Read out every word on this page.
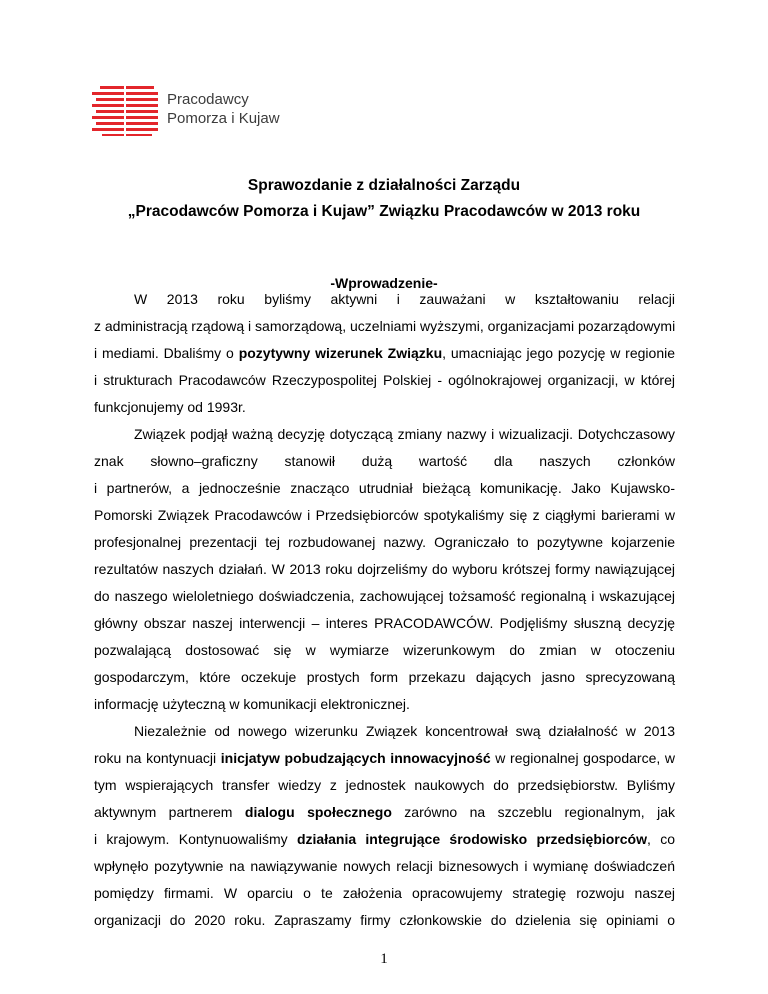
Pracodawcy
Pomorza i Kujaw
Sprawozdanie z działalności Zarządu
„Pracodawców Pomorza i Kujaw” Związku Pracodawców w 2013 roku
-Wprowadzenie-
W 2013 roku byliśmy aktywni i zauważani w kształtowaniu relacji
z administracją rządową i samorządową, uczelniami wyższymi, organizacjami pozarządowymi
i mediami. Dbaliśmy o pozytywny wizerunek Związku, umacniając jego pozycję w regionie
i strukturach Pracodawców Rzeczypospolitej Polskiej - ogólnokrajowej organizacji, w której
funkcjonujemy od 1993r.
Związek podjął ważną decyzję dotyczącą zmiany nazwy i wizualizacji. Dotychczasowy
znak słowno–graficzny stanowił dużą wartość dla naszych członków
i partnerów, a jednocześnie znacząco utrudniał bieżącą komunikację. Jako Kujawsko-
Pomorski Związek Pracodawców i Przedsiębiorców spotykaliśmy się z ciągłymi barierami w
profesjonalnej prezentacji tej rozbudowanej nazwy. Ograniczało to pozytywne kojarzenie
rezultatów naszych działań. W 2013 roku dojrzeliśmy do wyboru krótszej formy nawiązującej
do naszego wieloletniego doświadczenia, zachowującej tożsamość regionalną i wskazującej
główny obszar naszej interwencji – interes PRACODAWCÓW. Podjęliśmy słuszną decyzję
pozwalającą dostosować się w wymiarze wizerunkowym do zmian w otoczeniu
gospodarczym, które oczekuje prostych form przekazu dających jasno sprecyzowaną
informację użyteczną w komunikacji elektronicznej.
Niezależnie od nowego wizerunku Związek koncentrował swą działalność w 2013
roku na kontynuacji inicjatyw pobudzających innowacyjność w regionalnej gospodarce, w
tym wspierających transfer wiedzy z jednostek naukowych do przedsiębiorstw. Byliśmy
aktywnym partnerem dialogu społecznego zarówno na szczeblu regionalnym, jak
i krajowym. Kontynuowaliśmy działania integrujące środowisko przedsiębiorców, co
wpłynęło pozytywnie na nawiązywanie nowych relacji biznesowych i wymianę doświadczeń
pomiędzy firmami. W oparciu o te założenia opracowujemy strategię rozwoju naszej
organizacji do 2020 roku. Zapraszamy firmy członkowskie do dzielenia się opiniami o
1
